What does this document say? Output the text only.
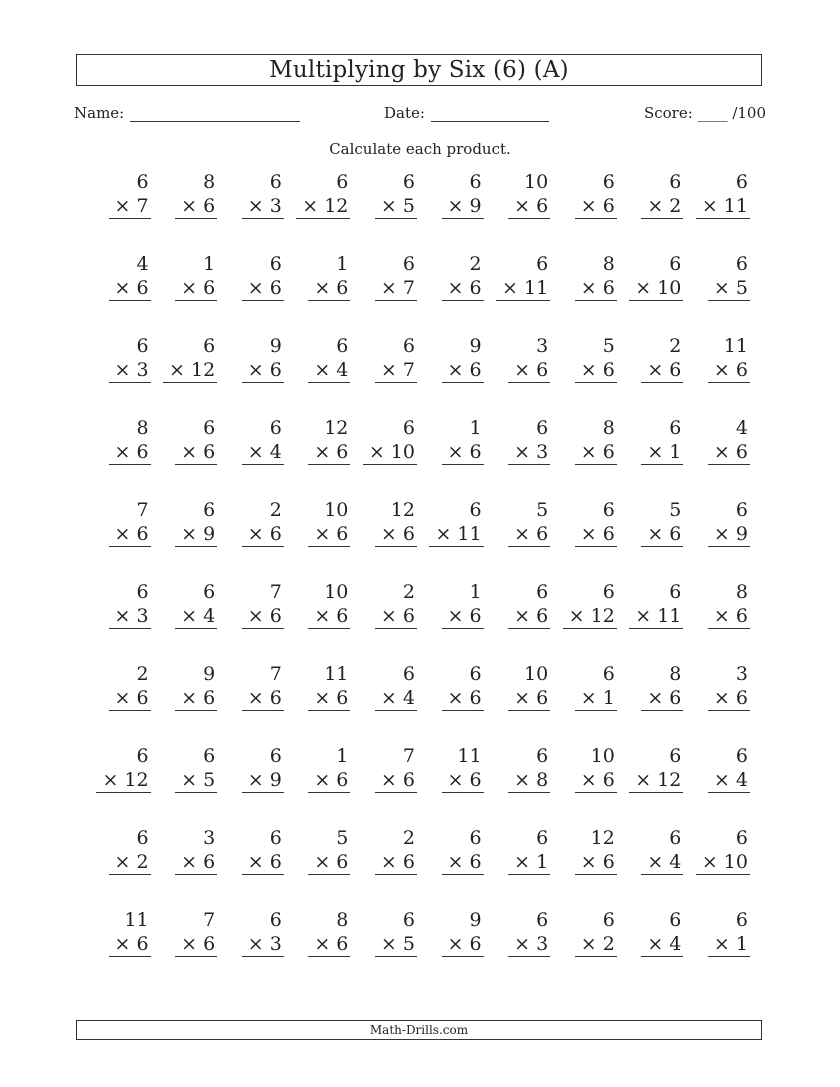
Multiplying by Six (6) (A)
Name:	Date:	Score: ____ /100
Calculate each product.
6
× 7
8
× 6
6
× 3
6
× 12
6
× 5
6
× 9
10
× 6
6
× 6
6
× 2
6
× 11
4
× 6
1
× 6
6
× 6
1
× 6
6
× 7
2
× 6
6
× 11
8
× 6
6
× 10
6
× 5
6
× 3
6
× 12
9
× 6
6
× 4
6
× 7
9
× 6
3
× 6
5
× 6
2
× 6
11
× 6
8
× 6
6
× 6
6
× 4
12
× 6
6
× 10
1
× 6
6
× 3
8
× 6
6
× 1
4
× 6
7
× 6
6
× 9
2
× 6
10
× 6
12
× 6
6
× 11
5
× 6
6
× 6
5
× 6
6
× 9
6
× 3
6
× 4
7
× 6
10
× 6
2
× 6
1
× 6
6
× 6
6
× 12
6
× 11
8
× 6
2
× 6
9
× 6
7
× 6
11
× 6
6
× 4
6
× 6
10
× 6
6
× 1
8
× 6
3
× 6
6
× 12
6
× 5
6
× 9
1
× 6
7
× 6
11
× 6
6
× 8
10
× 6
6
× 12
6
× 4
6
× 2
3
× 6
6
× 6
5
× 6
2
× 6
6
× 6
6
× 1
12
× 6
6
× 4
6
× 10
11
× 6
7
× 6
6
× 3
8
× 6
6
× 5
9
× 6
6
× 3
6
× 2
6
× 4
6
× 1
Math-Drills.com
